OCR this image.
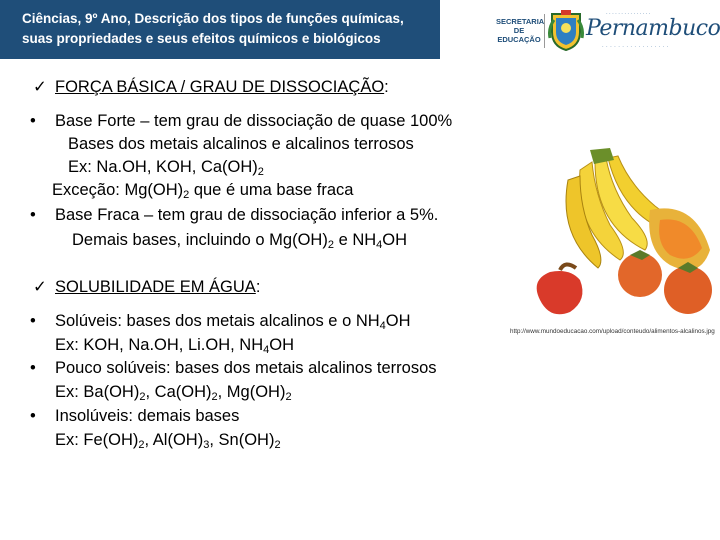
Ciências, 9º Ano, Descrição dos tipos de funções químicas,
suas propriedades e seus efeitos químicos e biológicos
SECRETARIA
DE EDUCAÇÃO
· · · · · · · · · · · · · · ·
Pernambuco
· · · · · · · · · · · · · · · · ·
✓ FORÇA BÁSICA / GRAU DE DISSOCIAÇÃO:
• Base Forte – tem grau de dissociação de quase 100%
Bases dos metais alcalinos e alcalinos terrosos
Ex: Na.OH, KOH, $Ca(OH)_2$
Exceção: $Mg(OH)_2$ que é uma base fraca
• Base Fraca – tem grau de dissociação inferior a 5%.
Demais bases, incluindo o $Mg(OH)_2$ e $NH_4OH$
✓ SOLUBILIDADE EM ÁGUA:
• Solúveis: bases dos metais alcalinos e o $NH_4OH$
Ex: KOH, Na.OH, Li.OH, $NH_4OH$
• Pouco solúveis: bases dos metais alcalinos terrosos
Ex: $Ba(OH)_2$, $Ca(OH)_2$, $Mg(OH)_2$
• Insolúveis: demais bases
Ex: $Fe(OH)_2$, $Al(OH)_3$, $Sn(OH)_2$
http://www.mundoeducacao.com/upload/conteudo/alimentos-alcalinos.jpg
